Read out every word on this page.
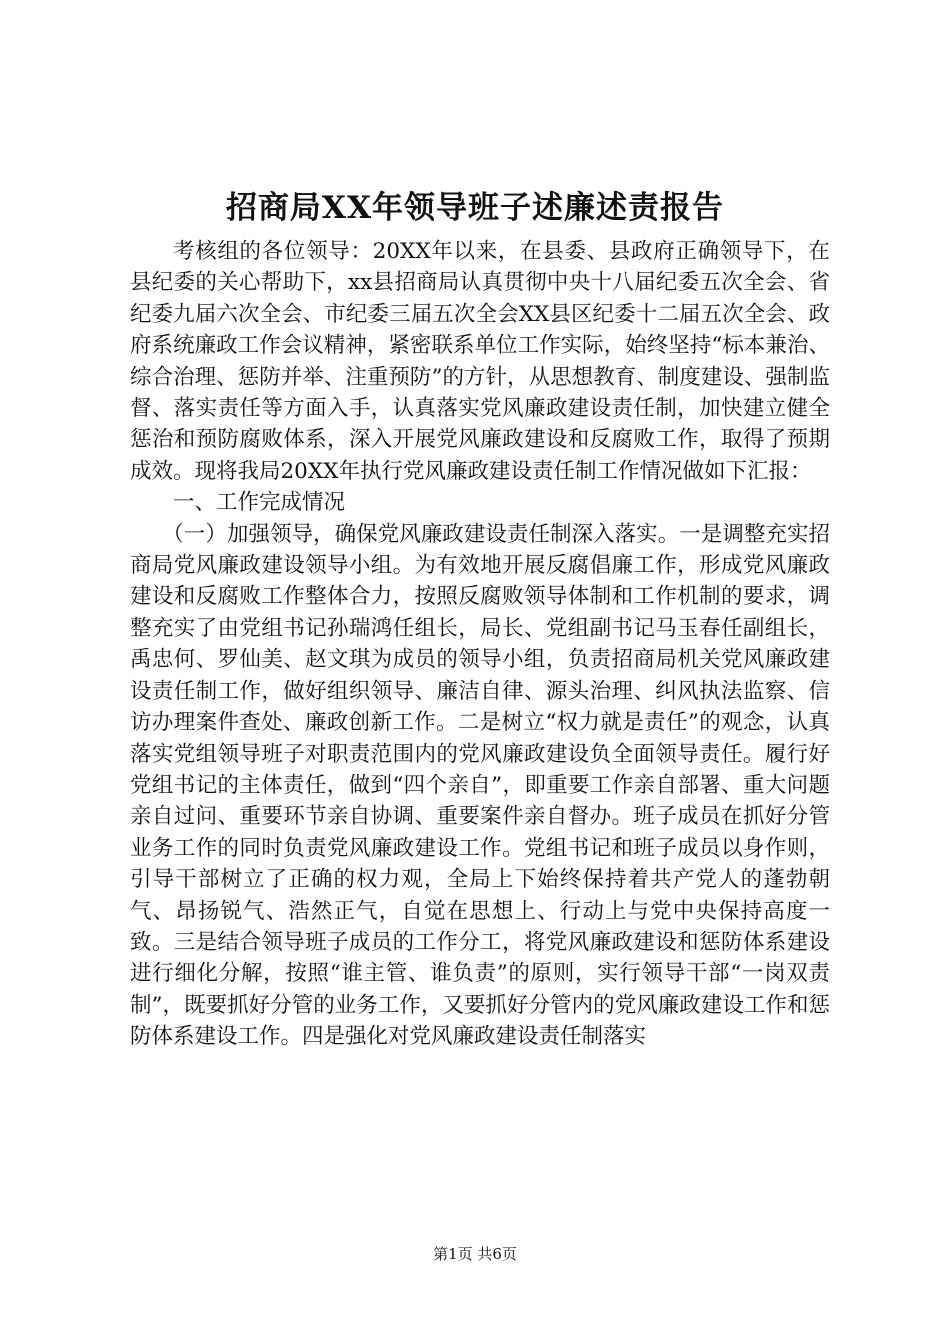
招商局XX年领导班子述廉述责报告

考核组的各位领导：20XX年以来，在县委、县政府正确领导下，在县纪委的关心帮助下，xx县招商局认真贯彻中央十八届纪委五次全会、省纪委九届六次全会、市纪委三届五次全会XX县区纪委十二届五次全会、政府系统廉政工作会议精神，紧密联系单位工作实际，始终坚持“标本兼治、综合治理、惩防并举、注重预防”的方针，从思想教育、制度建设、强制监督、落实责任等方面入手，认真落实党风廉政建设责任制，加快建立健全惩治和预防腐败体系，深入开展党风廉政建设和反腐败工作，取得了预期成效。现将我局20XX年执行党风廉政建设责任制工作情况做如下汇报：

一、工作完成情况

（一）加强领导，确保党风廉政建设责任制深入落实。一是调整充实招商局党风廉政建设领导小组。为有效地开展反腐倡廉工作，形成党风廉政建设和反腐败工作整体合力，按照反腐败领导体制和工作机制的要求，调整充实了由党组书记孙瑞鸿任组长，局长、党组副书记马玉春任副组长，禹忠何、罗仙美、赵文琪为成员的领导小组，负责招商局机关党风廉政建设责任制工作，做好组织领导、廉洁自律、源头治理、纠风执法监察、信访办理案件查处、廉政创新工作。二是树立“权力就是责任”的观念，认真落实党组领导班子对职责范围内的党风廉政建设负全面领导责任。履行好党组书记的主体责任，做到“四个亲自”，即重要工作亲自部署、重大问题亲自过问、重要环节亲自协调、重要案件亲自督办。班子成员在抓好分管业务工作的同时负责党风廉政建设工作。党组书记和班子成员以身作则，引导干部树立了正确的权力观，全局上下始终保持着共产党人的蓬勃朝气、昂扬锐气、浩然正气，自觉在思想上、行动上与党中央保持高度一致。三是结合领导班子成员的工作分工，将党风廉政建设和惩防体系建设进行细化分解，按照“谁主管、谁负责”的原则，实行领导干部“一岗双责制”，既要抓好分管的业务工作，又要抓好分管内的党风廉政建设工作和惩防体系建设工作。四是强化对党风廉政建设责任制落实

第1页 共6页
